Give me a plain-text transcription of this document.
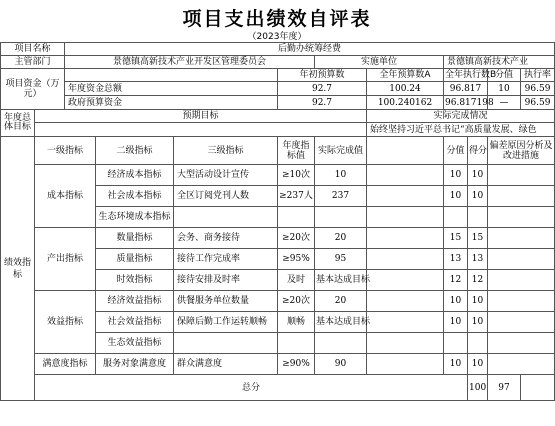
项目支出绩效自评表
（2023年度）
项目名称		后勤办统筹经费									
主管部门		景德镇高新技术产业开发区管理委员会				实施单位		景德镇高新技术产业			
项目资金（万元）					年初预算数		全年预算数A	全年执行数B		分值	执行率
		年度资金总额			92.7		100.24	96.817		10	96.59
		政府预算资金			92.7		100.240162	96.817198		—	96.59
年度总体目标	预期目标						实际完成情况				
							始终坚持习近平总书记“高质量发展、绿色				
绩效指标	一级指标		二级指标	三级指标	年度指标值	实际完成值		分值	得分	偏差原因分析及改进措施	
	成本指标		经济成本指标	大型活动设计宣传	≥10次	10		10	10		
			社会成本指标	全区订阅党刊人数	≥237人	237		10	10		
			生态环境成本指标								
	产出指标		数量指标	会务、商务接待	≥20次	20		15	15		
			质量指标	接待工作完成率	≥95%	95		13	13		
			时效指标	接待安排及时率	及时	基本达成目标		12	12		
	效益指标		经济效益指标	供餐服务单位数量	≥20次	20		10	10		
			社会效益指标	保障后勤工作运转顺畅	顺畅	基本达成目标		10	10		
			生态效益指标								
	满意度指标		服务对象满意度	群众满意度	≥90%	90		10	10		
	总分								100	97	
